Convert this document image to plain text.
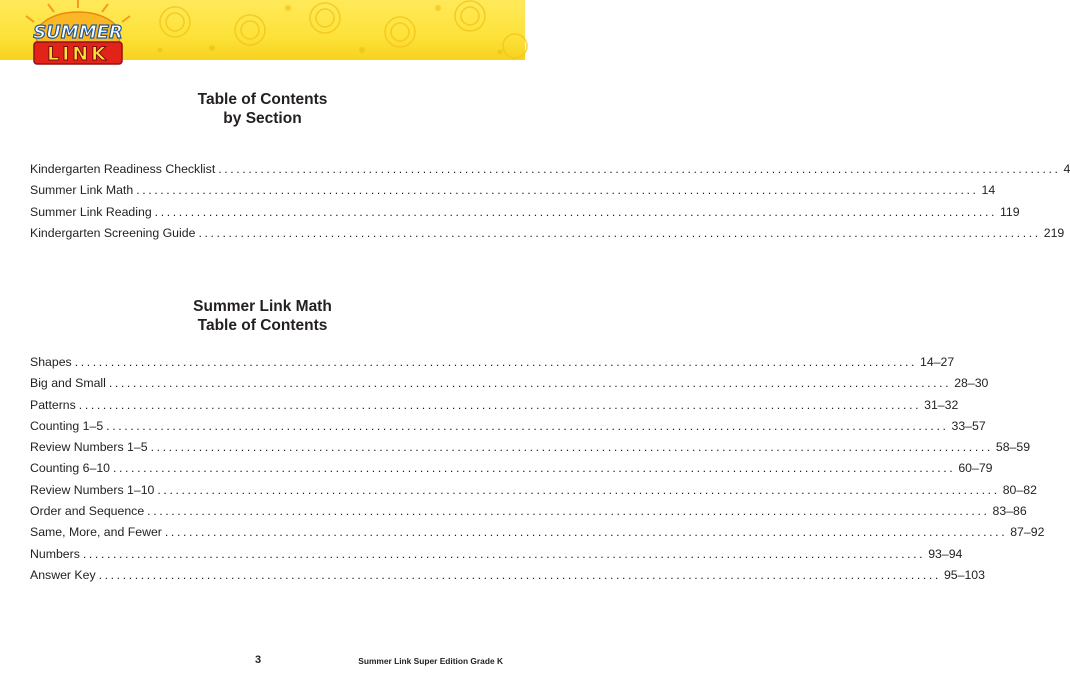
SUMMER
LINK
Table of Contents
by Section
Kindergarten Readiness Checklist ............................................................................................................................................ 4
Summer Link Math ............................................................................................................................................ 14
Summer Link Reading ............................................................................................................................................ 119
Kindergarten Screening Guide ............................................................................................................................................ 219
Summer Link Math
Table of Contents
Shapes ............................................................................................................................................ 14–27
Big and Small ............................................................................................................................................ 28–30
Patterns ............................................................................................................................................ 31–32
Counting 1–5 ............................................................................................................................................ 33–57
Review Numbers 1–5 ............................................................................................................................................ 58–59
Counting 6–10 ............................................................................................................................................ 60–79
Review Numbers 1–10 ............................................................................................................................................ 80–82
Order and Sequence ............................................................................................................................................ 83–86
Same, More, and Fewer ............................................................................................................................................ 87–92
Numbers ............................................................................................................................................ 93–94
Answer Key ............................................................................................................................................ 95–103
3	Summer Link Super Edition Grade K
